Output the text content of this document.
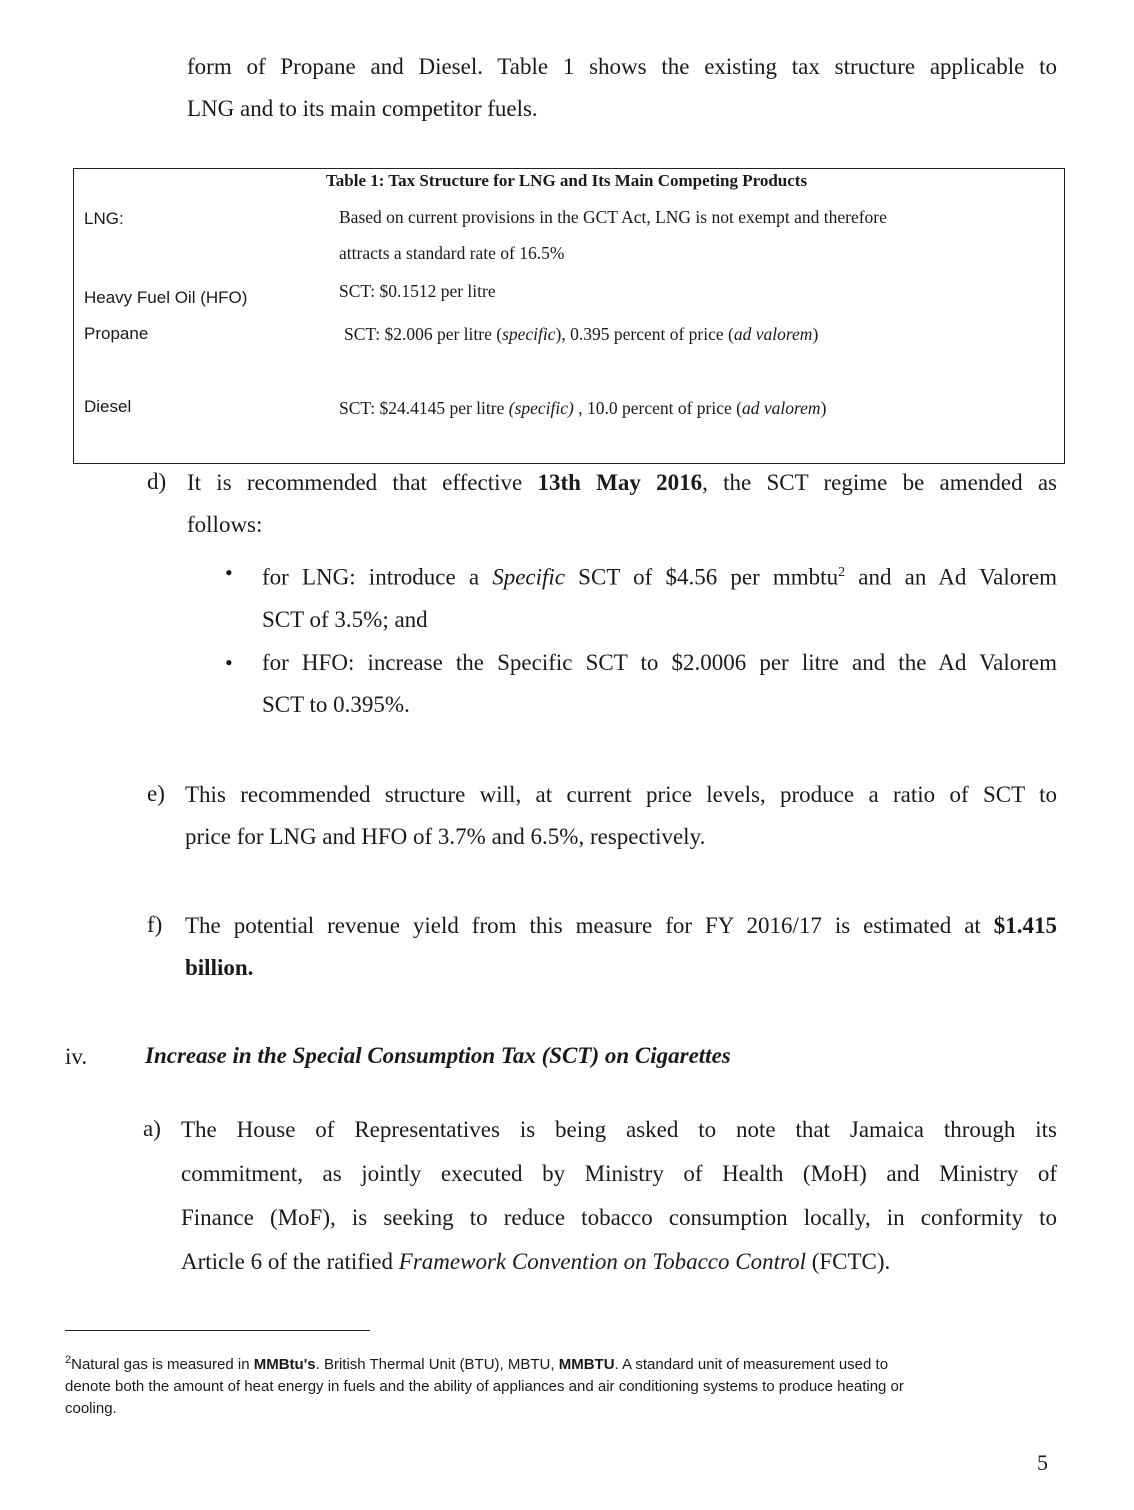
form of Propane and Diesel. Table 1 shows the existing tax structure applicable to
LNG and to its main competitor fuels.
Table 1: Tax Structure for LNG and Its Main Competing Products
LNG:	Based on current provisions in the GCT Act, LNG is not exempt and therefore
attracts a standard rate of 16.5%
Heavy Fuel Oil (HFO)	SCT: $0.1512 per litre
Propane	SCT: $2.006 per litre (specific), 0.395 percent of price (ad valorem)
Diesel	SCT: $24.4145 per litre (specific) , 10.0 percent of price (ad valorem)
d) It is recommended that effective 13th May 2016, the SCT regime be amended as
follows:
• for LNG: introduce a Specific SCT of $4.56 per mmbtu$^2$ and an Ad Valorem
SCT of 3.5%; and
• for HFO: increase the Specific SCT to $2.0006 per litre and the Ad Valorem
SCT to 0.395%.
e) This recommended structure will, at current price levels, produce a ratio of SCT to
price for LNG and HFO of 3.7% and 6.5%, respectively.
f) The potential revenue yield from this measure for FY 2016/17 is estimated at $1.415
billion.
iv.	Increase in the Special Consumption Tax (SCT) on Cigarettes
a) The House of Representatives is being asked to note that Jamaica through its
commitment, as jointly executed by Ministry of Health (MoH) and Ministry of
Finance (MoF), is seeking to reduce tobacco consumption locally, in conformity to
Article 6 of the ratified Framework Convention on Tobacco Control (FCTC).
$^2$Natural gas is measured in MMBtu's. British Thermal Unit (BTU), MBTU, MMBTU. A standard unit of measurement used to
denote both the amount of heat energy in fuels and the ability of appliances and air conditioning systems to produce heating or
cooling.
5
